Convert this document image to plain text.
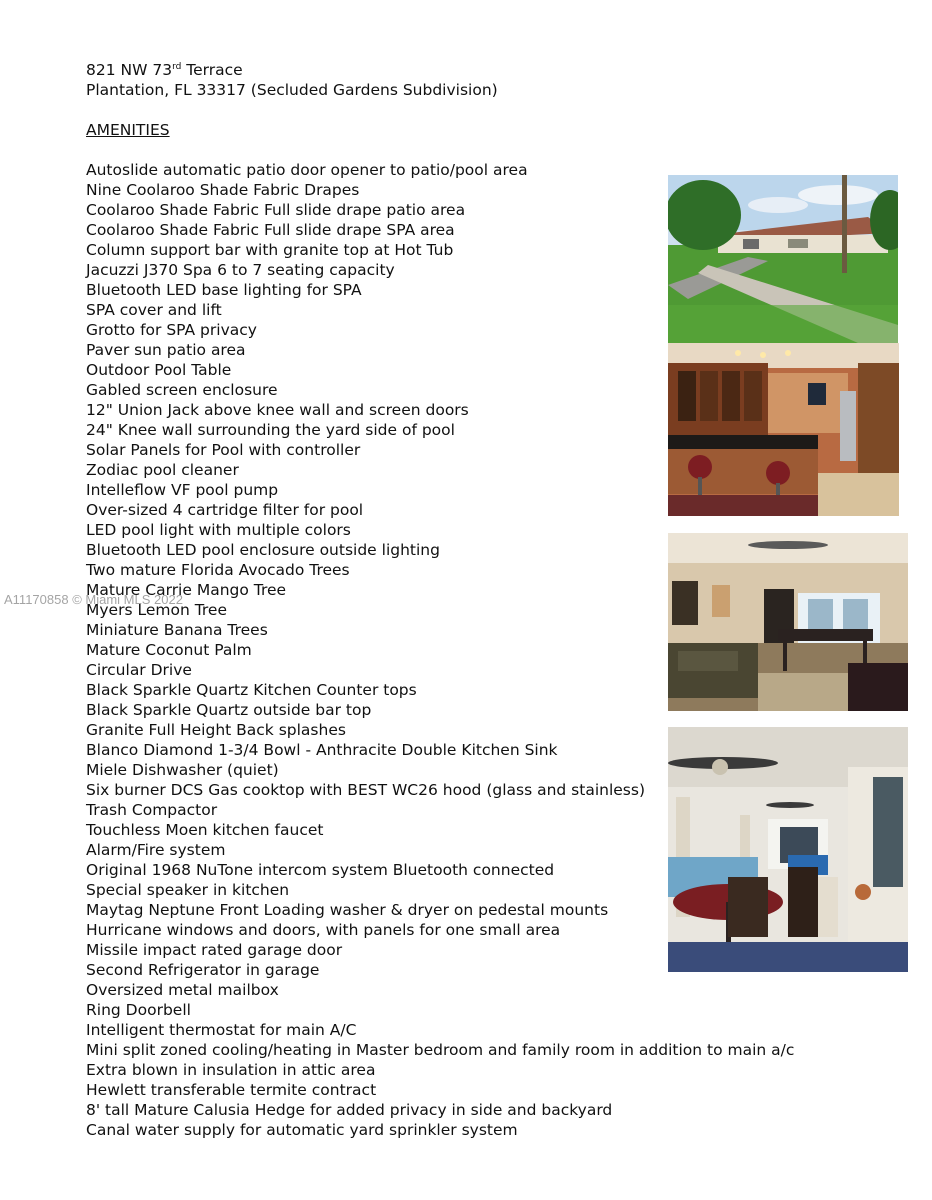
821 NW 73rd Terrace
Plantation, FL 33317 (Secluded Gardens Subdivision)
AMENITIES
Autoslide automatic patio door opener to patio/pool area
Nine Coolaroo Shade Fabric Drapes
Coolaroo Shade Fabric Full slide drape patio area
Coolaroo Shade Fabric Full slide drape SPA area
Column support bar with granite top at Hot Tub
Jacuzzi J370 Spa 6 to 7 seating capacity
Bluetooth LED base lighting for SPA
SPA cover and lift
Grotto for SPA privacy
Paver sun patio area
Outdoor Pool Table
Gabled screen enclosure
12" Union Jack above knee wall and screen doors
24" Knee wall surrounding the yard side of pool
Solar Panels for Pool with controller
Zodiac pool cleaner
Intelleflow VF pool pump
Over-sized 4 cartridge filter for pool
LED pool light with multiple colors
Bluetooth LED pool enclosure outside lighting
Two mature Florida Avocado Trees
Mature Carrie Mango Tree
Myers Lemon Tree
Miniature Banana Trees
Mature Coconut Palm
Circular Drive
Black Sparkle Quartz Kitchen Counter tops
Black Sparkle Quartz outside bar top
Granite Full Height Back splashes
Blanco Diamond 1-3/4 Bowl - Anthracite Double Kitchen Sink
Miele Dishwasher (quiet)
Six burner DCS Gas cooktop with BEST WC26 hood (glass and stainless)
Trash Compactor
Touchless Moen kitchen faucet
Alarm/Fire system
Original 1968 NuTone intercom system Bluetooth connected
Special speaker in kitchen
Maytag Neptune Front Loading washer & dryer on pedestal mounts
Hurricane windows and doors, with panels for one small area
Missile impact rated garage door
Second Refrigerator in garage
Oversized metal mailbox
Ring Doorbell
Intelligent thermostat for main A/C
Mini split zoned cooling/heating in Master bedroom and family room in addition to main a/c
Extra blown in insulation in attic area
Hewlett transferable termite contract
8' tall Mature Calusia Hedge for added privacy in side and backyard
Canal water supply for automatic yard sprinkler system
A11170858 © Miami MLS 2022
